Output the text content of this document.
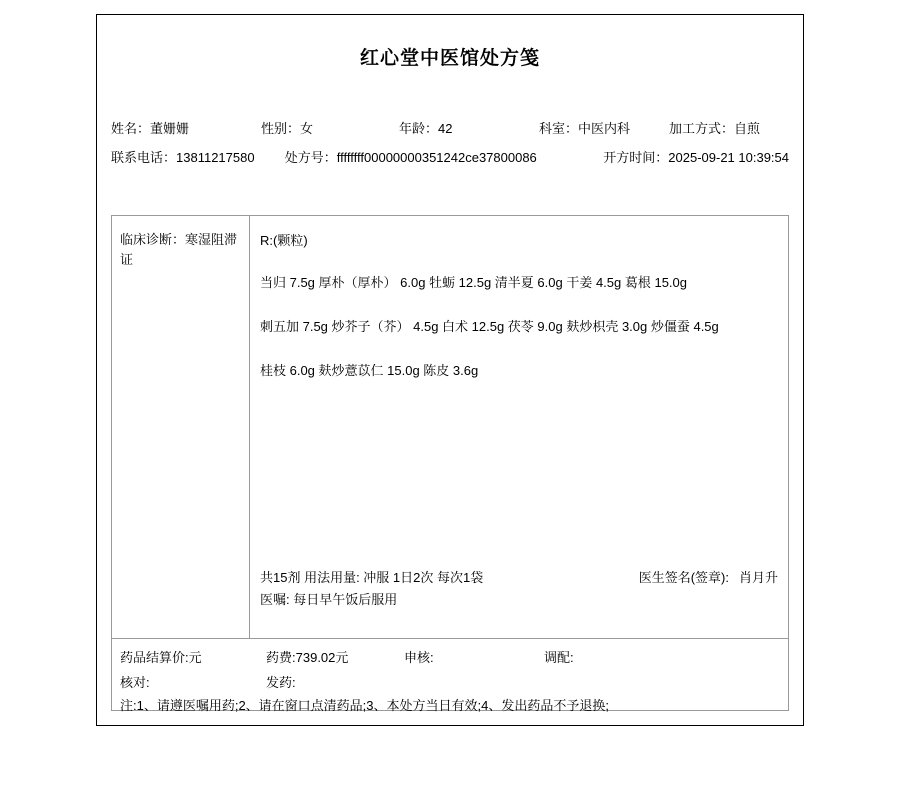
红心堂中医馆处方笺
姓名：董姗姗	性别：女	年龄：42	科室：中医内科	加工方式：自煎
联系电话：13811217580	处方号：ffffffff00000000351242ce37800086	开方时间：2025-09-21 10:39:54
临床诊断：寒湿阻滞证
R:(颗粒)
当归 7.5g 厚朴（厚朴） 6.0g 牡蛎 12.5g 清半夏 6.0g 干姜 4.5g 葛根 15.0g
刺五加 7.5g 炒芥子（芥） 4.5g 白术 12.5g 茯苓 9.0g 麸炒枳壳 3.0g 炒僵蚕 4.5g
桂枝 6.0g 麸炒薏苡仁 15.0g 陈皮 3.6g
共15剂 用法用量: 冲服 1日2次 每次1袋	医生签名(签章): 肖月升
医嘱: 每日早午饭后服用
药品结算价:元	药费:739.02元	申核:	调配:
核对:	发药:
注:1、请遵医嘱用药;2、请在窗口点清药品;3、本处方当日有效;4、发出药品不予退换;
